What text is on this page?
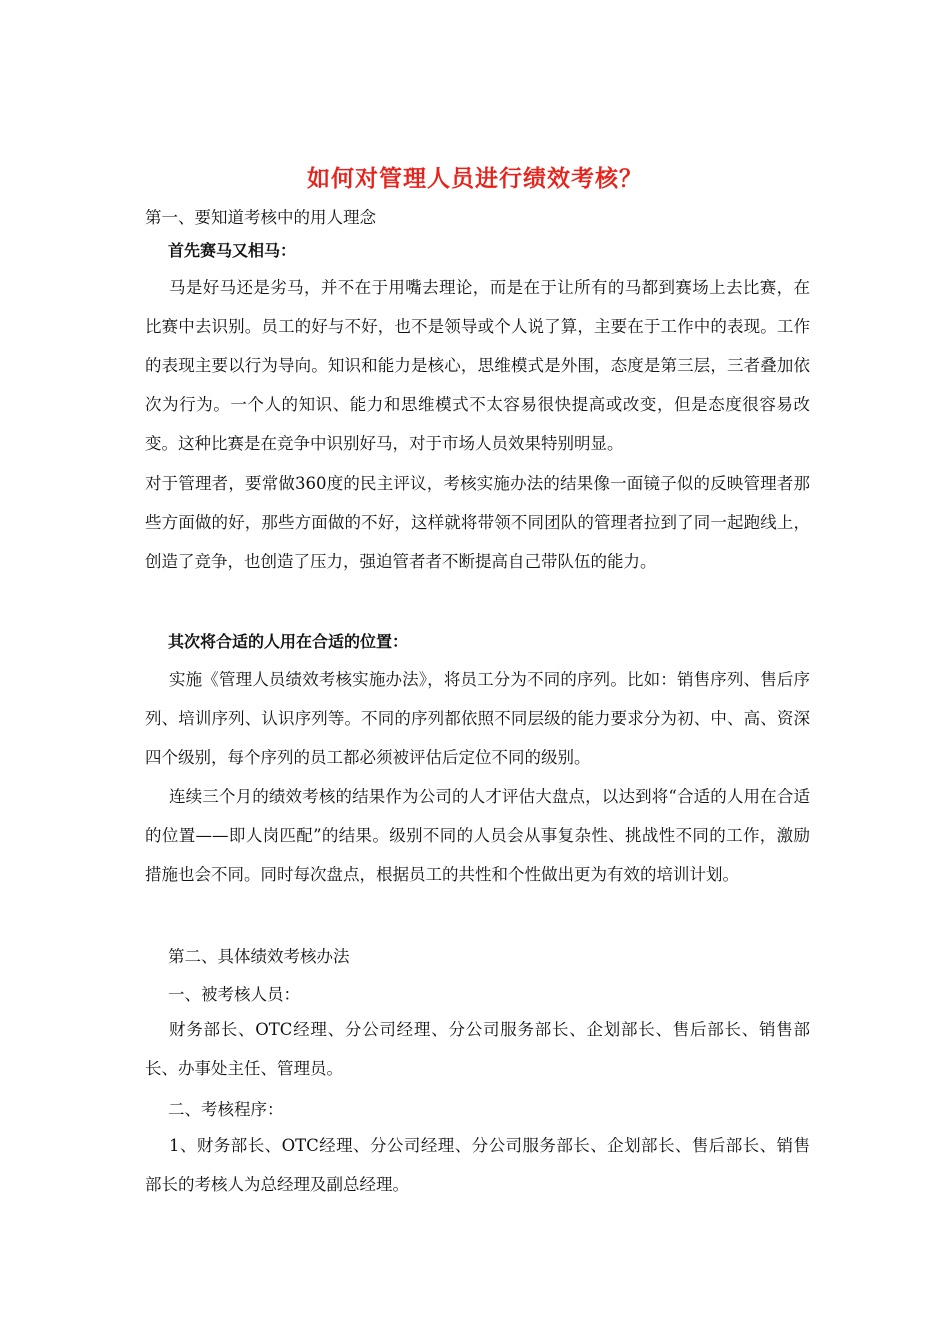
如何对管理人员进行绩效考核？
第一、要知道考核中的用人理念
首先赛马又相马：
马是好马还是劣马，并不在于用嘴去理论，而是在于让所有的马都到赛场上去比赛，在比赛中去识别。员工的好与不好，也不是领导或个人说了算，主要在于工作中的表现。工作的表现主要以行为导向。知识和能力是核心，思维模式是外围，态度是第三层，三者叠加依次为行为。一个人的知识、能力和思维模式不太容易很快提高或改变，但是态度很容易改变。这种比赛是在竞争中识别好马，对于市场人员效果特别明显。
对于管理者，要常做360度的民主评议，考核实施办法的结果像一面镜子似的反映管理者那些方面做的好，那些方面做的不好，这样就将带领不同团队的管理者拉到了同一起跑线上，创造了竞争，也创造了压力，强迫管者者不断提高自己带队伍的能力。
其次将合适的人用在合适的位置：
实施《管理人员绩效考核实施办法》，将员工分为不同的序列。比如：销售序列、售后序列、培训序列、认识序列等。不同的序列都依照不同层级的能力要求分为初、中、高、资深四个级别，每个序列的员工都必须被评估后定位不同的级别。
连续三个月的绩效考核的结果作为公司的人才评估大盘点，以达到将“合适的人用在合适的位置——即人岗匹配”的结果。级别不同的人员会从事复杂性、挑战性不同的工作，激励措施也会不同。同时每次盘点，根据员工的共性和个性做出更为有效的培训计划。
第二、具体绩效考核办法
一、被考核人员：
财务部长、OTC经理、分公司经理、分公司服务部长、企划部长、售后部长、销售部长、办事处主任、管理员。
二、考核程序：
1、财务部长、OTC经理、分公司经理、分公司服务部长、企划部长、售后部长、销售部长的考核人为总经理及副总经理。
